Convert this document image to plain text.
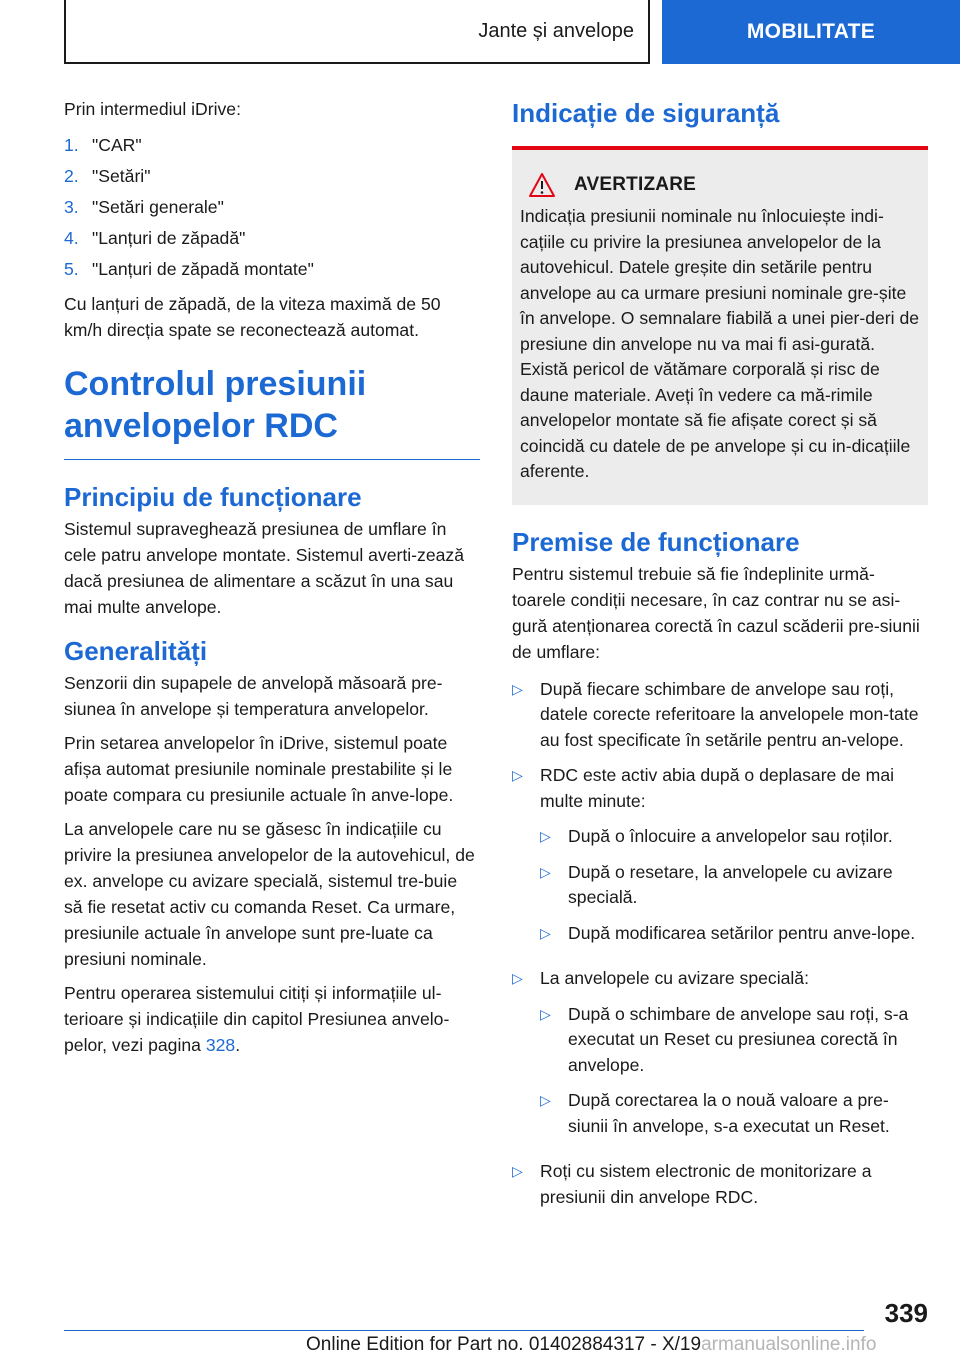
Jante și anvelope	MOBILITATE

Prin intermediul iDrive:

1. "CAR"
2. "Setări"
3. "Setări generale"
4. "Lanțuri de zăpadă"
5. "Lanțuri de zăpadă montate"

Cu lanțuri de zăpadă, de la viteza maximă de 50 km/h direcția spate se reconectează automat.

Controlul presiunii anvelopelor RDC
Principiu de funcționare

Sistemul supraveghează presiunea de umflare în cele patru anvelope montate. Sistemul averti-zează dacă presiunea de alimentare a scăzut în una sau mai multe anvelope.

Generalități

Senzorii din supapele de anvelopă măsoară pre-siunea în anvelope și temperatura anvelopelor.

Prin setarea anvelopelor în iDrive, sistemul poate afișa automat presiunile nominale prestabilite și le poate compara cu presiunile actuale în anve-lope.

La anvelopele care nu se găsesc în indicațiile cu privire la presiunea anvelopelor de la autovehicul, de ex. anvelope cu avizare specială, sistemul tre-buie să fie resetat activ cu comanda Reset. Ca urmare, presiunile actuale în anvelope sunt pre-luate ca presiuni nominale.

Pentru operarea sistemului citiți și informațiile ul-terioare și indicațiile din capitol Presiunea anvelo-pelor, vezi pagina 328.

Indicație de siguranță
AVERTIZARE

Indicația presiunii nominale nu înlocuiește indi-cațiile cu privire la presiunea anvelopelor de la autovehicul. Datele greșite din setările pentru anvelope au ca urmare presiuni nominale gre-șite în anvelope. O semnalare fiabilă a unei pier-deri de presiune din anvelope nu va mai fi asi-gurată. Există pericol de vătămare corporală și risc de daune materiale. Aveți în vedere ca mă-rimile anvelopelor montate să fie afișate corect și să coincidă cu datele de pe anvelope și cu in-dicațiile aferente.

Premise de funcționare

Pentru sistemul trebuie să fie îndeplinite urmă-toarele condiții necesare, în caz contrar nu se asi-gură atenționarea corectă în cazul scăderii pre-siunii de umflare:

▷ După fiecare schimbare de anvelope sau roți, datele corecte referitoare la anvelopele mon-tate au fost specificate în setările pentru an-velope.
▷ RDC este activ abia după o deplasare de mai multe minute:
▷ După o înlocuire a anvelopelor sau roților.
▷ După o resetare, la anvelopele cu avizare specială.
▷ După modificarea setărilor pentru anve-lope.
▷ La anvelopele cu avizare specială:
▷ După o schimbare de anvelope sau roți, s-a executat un Reset cu presiunea corectă în anvelope.
▷ După corectarea la o nouă valoare a pre-siunii în anvelope, s-a executat un Reset.
▷ Roți cu sistem electronic de monitorizare a presiunii din anvelope RDC.
339
Online Edition for Part no. 01402884317 - X/19armanualsonline.info
